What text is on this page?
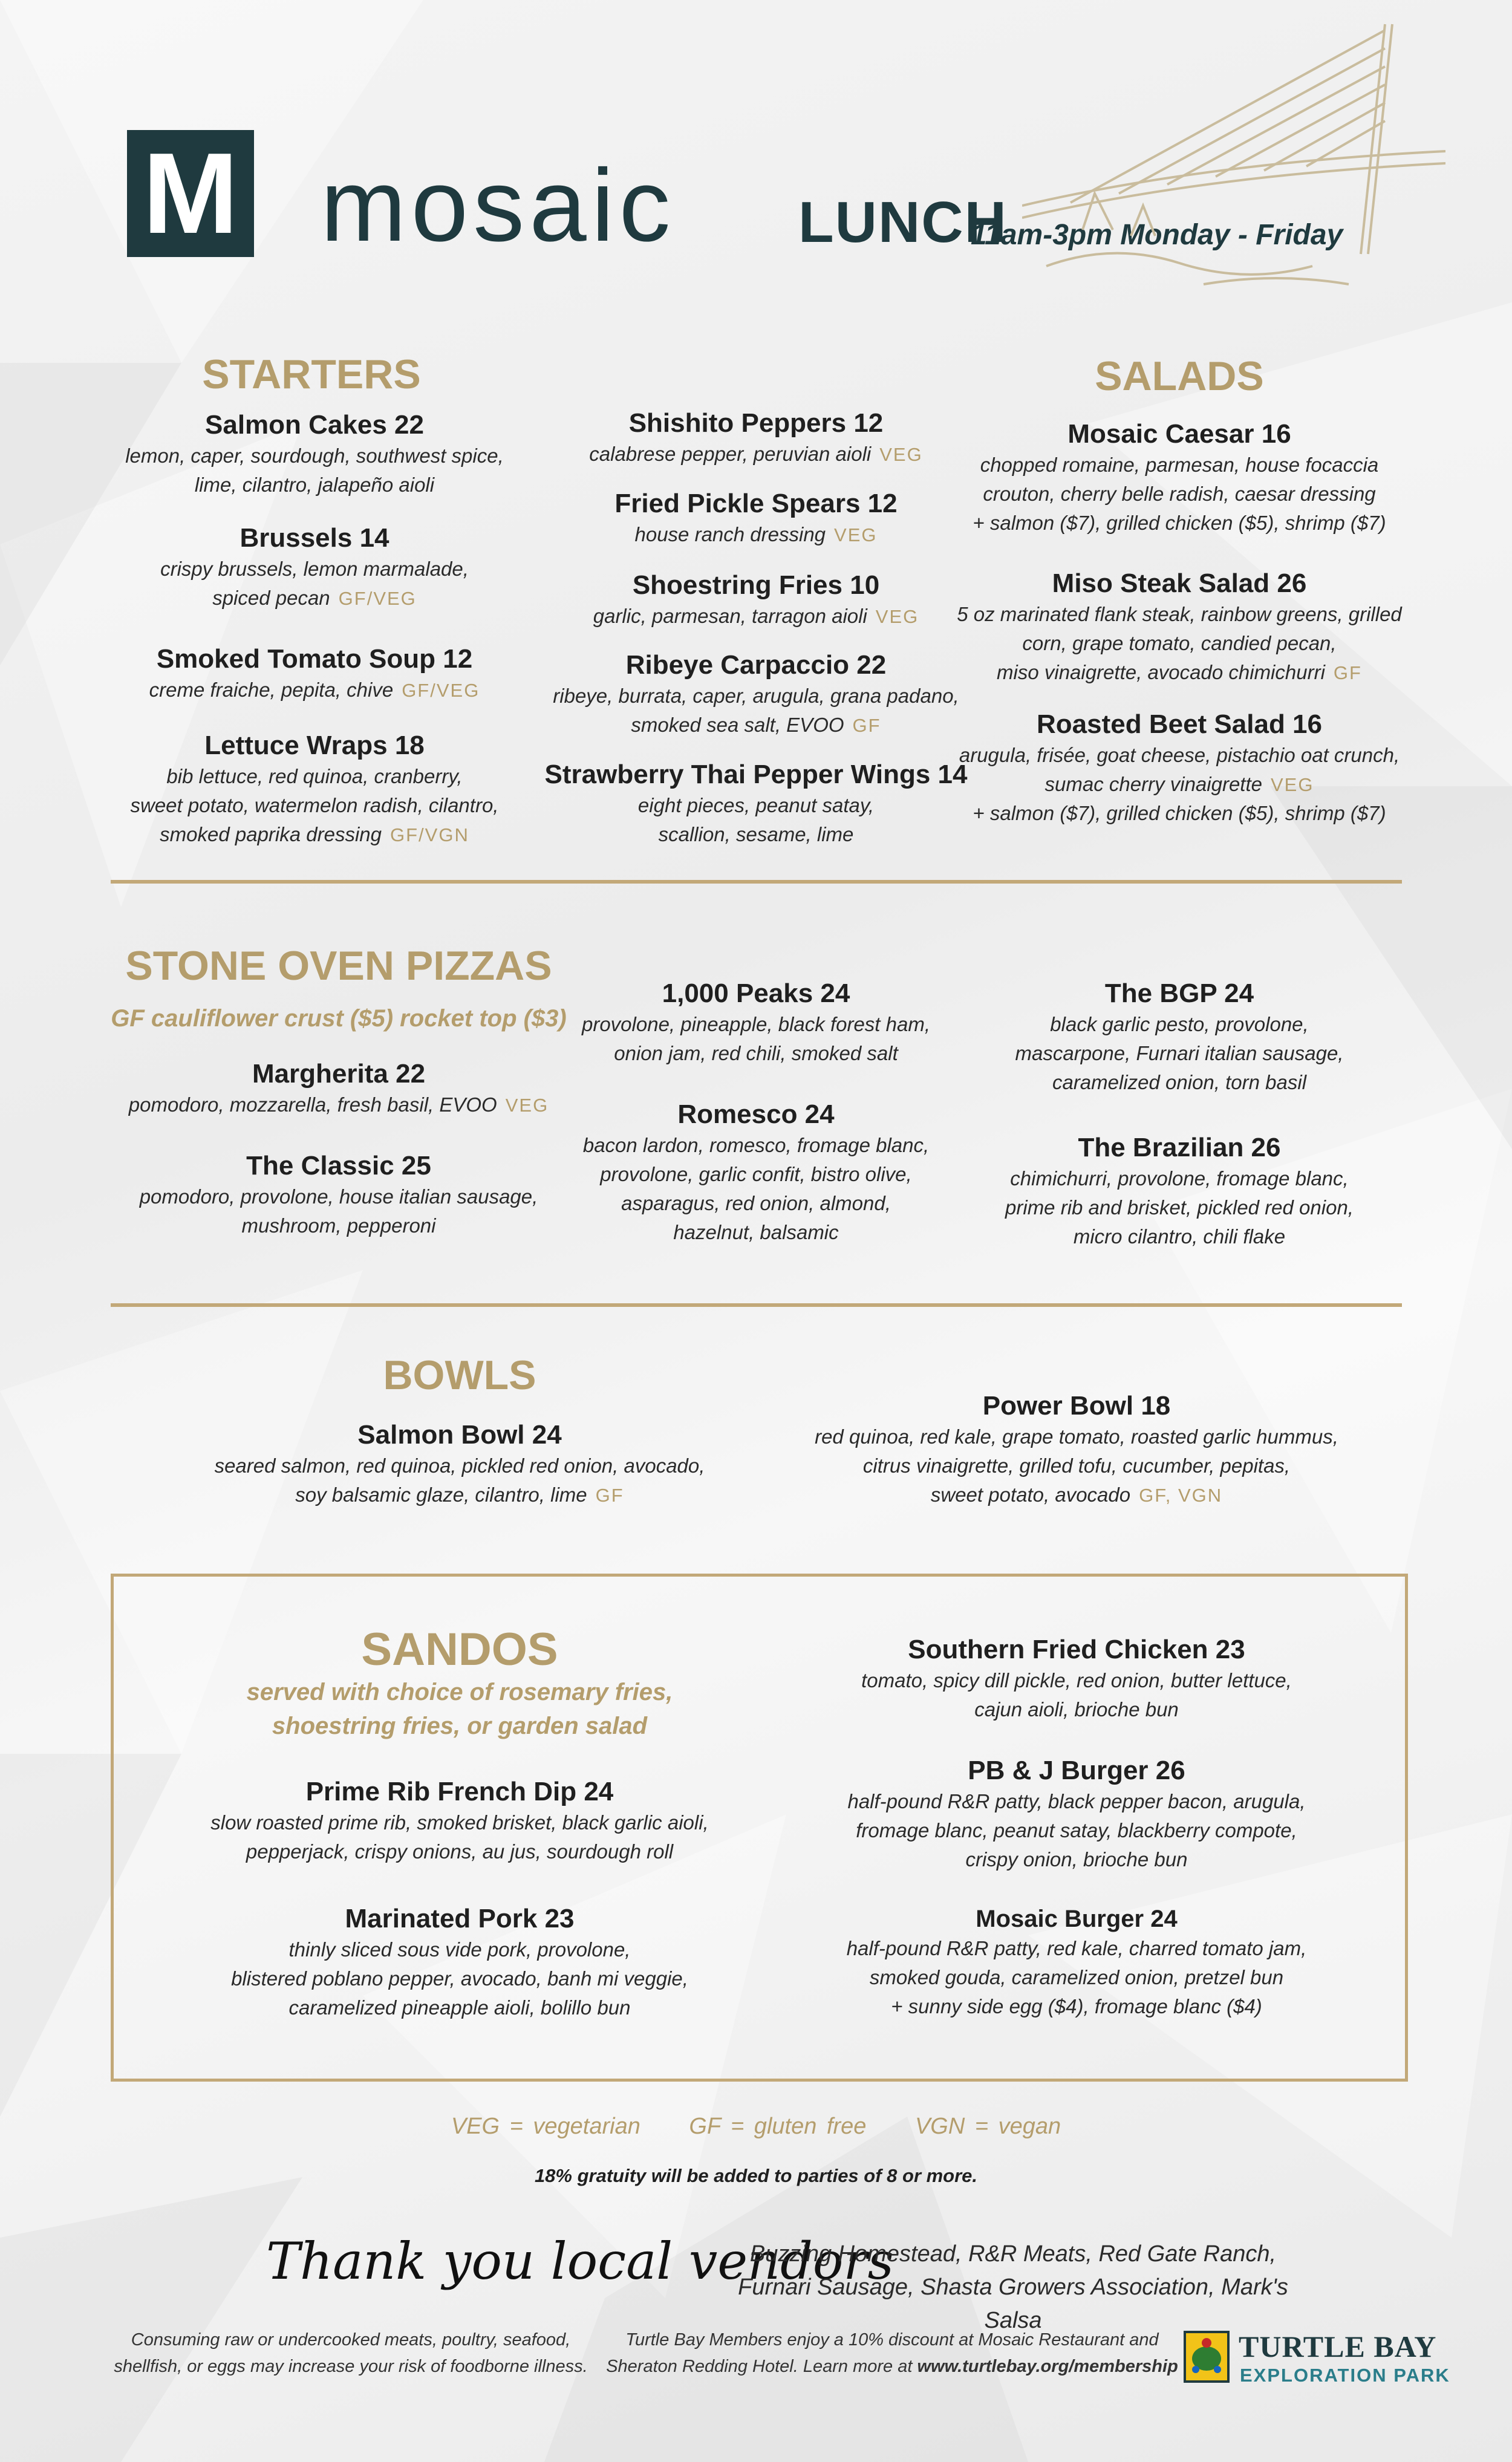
M mosaic LUNCH
11am-3pm Monday - Friday
STARTERS
Salmon Cakes 22
lemon, caper, sourdough, southwest spice,
lime, cilantro, jalapeño aioli
Brussels 14
crispy brussels, lemon marmalade,
spiced pecan GF/VEG
Smoked Tomato Soup 12
creme fraiche, pepita, chive GF/VEG
Lettuce Wraps 18
bib lettuce, red quinoa, cranberry,
sweet potato, watermelon radish, cilantro,
smoked paprika dressing GF/VGN
Shishito Peppers 12
calabrese pepper, peruvian aioli VEG
Fried Pickle Spears 12
house ranch dressing VEG
Shoestring Fries 10
garlic, parmesan, tarragon aioli VEG
Ribeye Carpaccio 22
ribeye, burrata, caper, arugula, grana padano,
smoked sea salt, EVOO GF
Strawberry Thai Pepper Wings 14
eight pieces, peanut satay,
scallion, sesame, lime
SALADS
Mosaic Caesar 16
chopped romaine, parmesan, house focaccia
crouton, cherry belle radish, caesar dressing
+ salmon ($7), grilled chicken ($5), shrimp ($7)
Miso Steak Salad 26
5 oz marinated flank steak, rainbow greens, grilled
corn, grape tomato, candied pecan,
miso vinaigrette, avocado chimichurri GF
Roasted Beet Salad 16
arugula, frisée, goat cheese, pistachio oat crunch,
sumac cherry vinaigrette VEG
+ salmon ($7), grilled chicken ($5), shrimp ($7)
STONE OVEN PIZZAS
GF cauliflower crust ($5) rocket top ($3)
Margherita 22
pomodoro, mozzarella, fresh basil, EVOO VEG
The Classic 25
pomodoro, provolone, house italian sausage,
mushroom, pepperoni
1,000 Peaks 24
provolone, pineapple, black forest ham,
onion jam, red chili, smoked salt
Romesco 24
bacon lardon, romesco, fromage blanc,
provolone, garlic confit, bistro olive,
asparagus, red onion, almond,
hazelnut, balsamic
The BGP 24
black garlic pesto, provolone,
mascarpone, Furnari italian sausage,
caramelized onion, torn basil
The Brazilian 26
chimichurri, provolone, fromage blanc,
prime rib and brisket, pickled red onion,
micro cilantro, chili flake
BOWLS
Salmon Bowl 24
seared salmon, red quinoa, pickled red onion, avocado,
soy balsamic glaze, cilantro, lime GF
Power Bowl 18
red quinoa, red kale, grape tomato, roasted garlic hummus,
citrus vinaigrette, grilled tofu, cucumber, pepitas,
sweet potato, avocado GF, VGN
SANDOS
served with choice of rosemary fries,
shoestring fries, or garden salad
Prime Rib French Dip 24
slow roasted prime rib, smoked brisket, black garlic aioli,
pepperjack, crispy onions, au jus, sourdough roll
Marinated Pork 23
thinly sliced sous vide pork, provolone,
blistered poblano pepper, avocado, banh mi veggie,
caramelized pineapple aioli, bolillo bun
Southern Fried Chicken 23
tomato, spicy dill pickle, red onion, butter lettuce,
cajun aioli, brioche bun
PB & J Burger 26
half-pound R&R patty, black pepper bacon, arugula,
fromage blanc, peanut satay, blackberry compote,
crispy onion, brioche bun
Mosaic Burger 24
half-pound R&R patty, red kale, charred tomato jam,
smoked gouda, caramelized onion, pretzel bun
+ sunny side egg ($4), fromage blanc ($4)
VEG = vegetarian GF = gluten free VGN = vegan
18% gratuity will be added to parties of 8 or more.
Thank you local vendors
Buzzing Homestead, R&R Meats, Red Gate Ranch,
Furnari Sausage, Shasta Growers Association, Mark's Salsa
Consuming raw or undercooked meats, poultry, seafood,
shellfish, or eggs may increase your risk of foodborne illness.
Turtle Bay Members enjoy a 10% discount at Mosaic Restaurant and
Sheraton Redding Hotel. Learn more at www.turtlebay.org/membership
TURTLE BAY
EXPLORATION PARK
